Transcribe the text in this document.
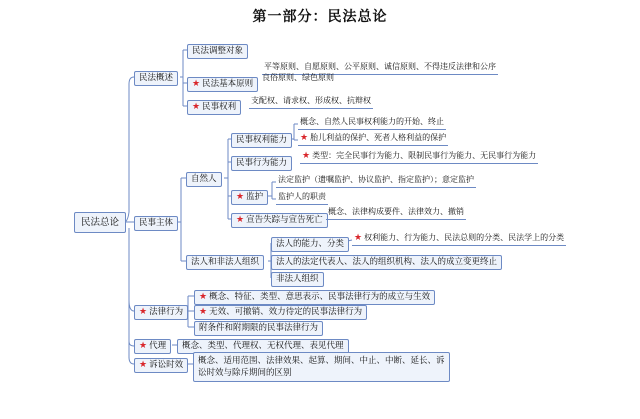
第一部分：民法总论
民法总论
民法概述
民法调整对象
★ 民法基本原则
平等原则、自愿原则、公平原则、诚信原则、不得违反法律和公序
良俗原则、绿色原则
★ 民事权利
支配权、请求权、形成权、抗辩权
民事主体
自然人
民事权利能力
概念、自然人民事权利能力的开始、终止
★ 胎儿利益的保护、死者人格利益的保护
民事行为能力
★ 类型：完全民事行为能力、限制民事行为能力、无民事行为能力
★ 监护
法定监护（遗嘱监护、协议监护、指定监护）；意定监护
监护人的职责
★ 宣告失踪与宣告死亡
概念、法律构成要件、法律效力、撤销
法人和非法人组织
法人的能力、分类
★ 权利能力、行为能力、民法总则的分类、民法学上的分类
法人的法定代表人、法人的组织机构、法人的成立变更终止
非法人组织
★ 法律行为
★ 概念、特征、类型、意思表示、民事法律行为的成立与生效
★ 无效、可撤销、效力待定的民事法律行为
附条件和附期限的民事法律行为
★ 代理	概念、类型、代理权、无权代理、表见代理
★ 诉讼时效	概念、适用范围、法律效果、起算、期间、中止、中断、延长、诉
讼时效与除斥期间的区别
